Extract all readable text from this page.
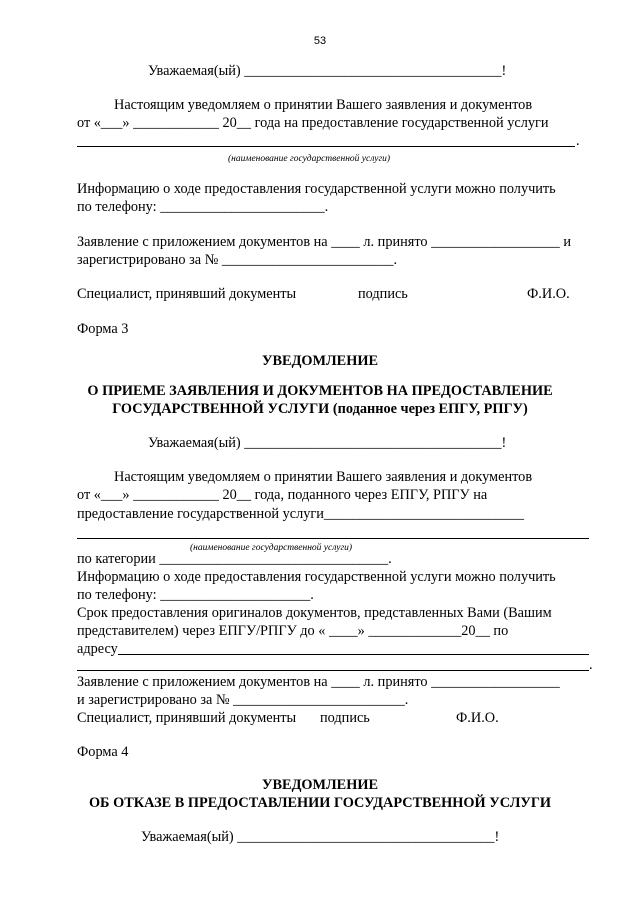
53
Уважаемая(ый) ____________________________________!
Настоящим уведомляем о принятии Вашего заявления и документов
от «___» ____________ 20__ года на предоставление государственной услуги
.
(наименование государственной услуги)
Информацию о ходе предоставления государственной услуги можно получить
по телефону: _______________________.
Заявление с приложением документов на ____ л. принято __________________ и
зарегистрировано за № ________________________.
Специалист, принявший документы	подпись	Ф.И.О.
Форма 3
УВЕДОМЛЕНИЕ
О ПРИЕМЕ ЗАЯВЛЕНИЯ И ДОКУМЕНТОВ НА ПРЕДОСТАВЛЕНИЕ
ГОСУДАРСТВЕННОЙ УСЛУГИ (поданное через ЕПГУ, РПГУ)
Уважаемая(ый) ____________________________________!
Настоящим уведомляем о принятии Вашего заявления и документов
от «___» ____________ 20__ года, поданного через ЕПГУ, РПГУ на
предоставление государственной услуги____________________________
(наименование государственной услуги)
по категории ________________________________.
Информацию о ходе предоставления государственной услуги можно получить
по телефону: _____________________.
Срок предоставления оригиналов документов, представленных Вами (Вашим
представителем) через ЕПГУ/РПГУ до « ____» _____________20__ по
адресу
.
Заявление с приложением документов на ____ л. принято __________________
и зарегистрировано за № ________________________.
Специалист, принявший документы подпись	Ф.И.О.
Форма 4
УВЕДОМЛЕНИЕ
ОБ ОТКАЗЕ В ПРЕДОСТАВЛЕНИИ ГОСУДАРСТВЕННОЙ УСЛУГИ
Уважаемая(ый) ____________________________________!
